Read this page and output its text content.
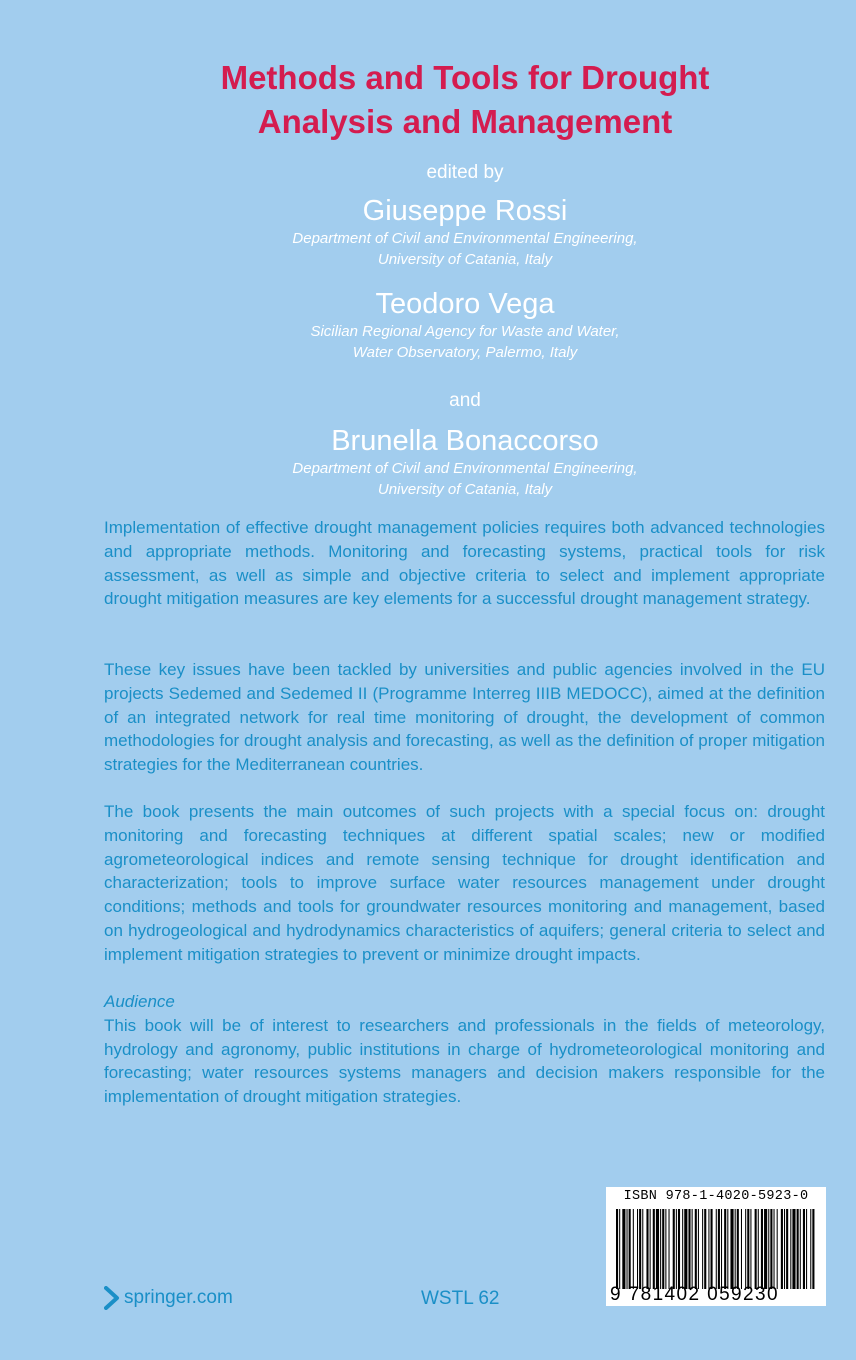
Methods and Tools for Drought
Analysis and Management

edited by

Giuseppe Rossi
Department of Civil and Environmental Engineering,
University of Catania, Italy
Teodoro Vega
Sicilian Regional Agency for Waste and Water,
Water Observatory, Palermo, Italy

and

Brunella Bonaccorso
Department of Civil and Environmental Engineering,
University of Catania, Italy

Implementation of effective drought management policies requires both advanced technologies and appropriate methods. Monitoring and forecasting systems, practical tools for risk assessment, as well as simple and objective criteria to select and implement appropriate drought mitigation measures are key elements for a successful drought management strategy.

These key issues have been tackled by universities and public agencies involved in the EU projects Sedemed and Sedemed II (Programme Interreg IIIB MEDOCC), aimed at the definition of an integrated network for real time monitoring of drought, the development of common methodologies for drought analysis and forecasting, as well as the definition of proper mitigation strategies for the Mediterranean countries.

The book presents the main outcomes of such projects with a special focus on: drought monitoring and forecasting techniques at different spatial scales; new or modified agrometeorological indices and remote sensing technique for drought identification and characterization; tools to improve surface water resources management under drought conditions; methods and tools for groundwater resources monitoring and management, based on hydrogeological and hydrodynamics characteristics of aquifers; general criteria to select and implement mitigation strategies to prevent or minimize drought impacts.

Audience
This book will be of interest to researchers and professionals in the fields of meteorology, hydrology and agronomy, public institutions in charge of hydrometeorological monitoring and forecasting; water resources systems managers and decision makers responsible for the implementation of drought mitigation strategies.
springer.com	WSTL 62
ISBN 978-1-4020-5923-0
9 781402 059230
